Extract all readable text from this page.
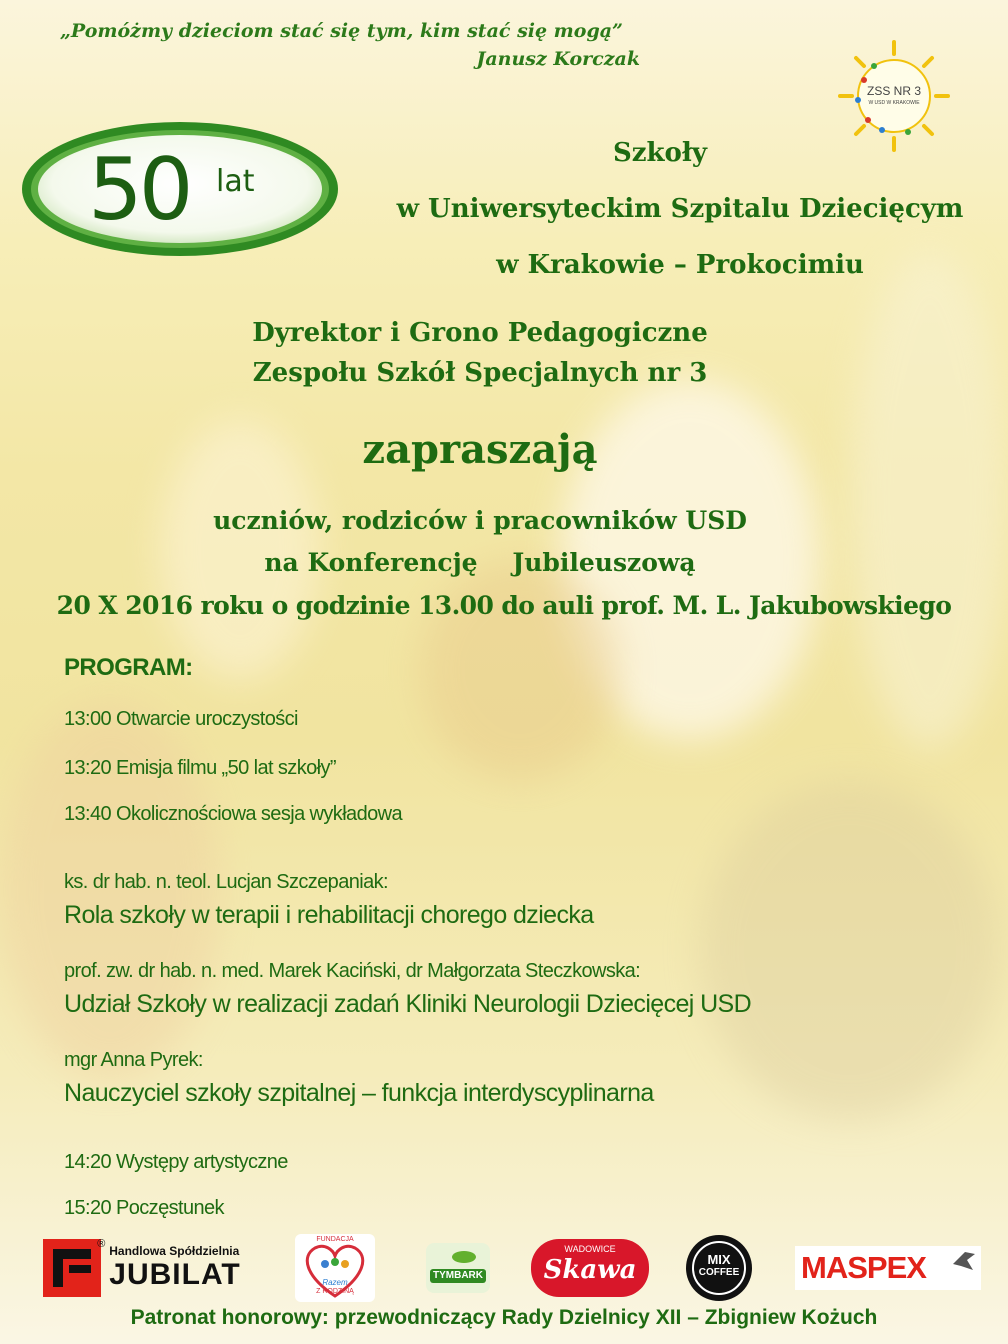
„Pomóżmy dzieciom stać się tym, kim stać się mogą”
Janusz Korczak
ZSS NR 3
W USD W KRAKOWIE
50 lat
Szkoły
w Uniwersyteckim Szpitalu Dziecięcym
w Krakowie – Prokocimiu
Dyrektor i Grono Pedagogiczne
Zespołu Szkół Specjalnych nr 3
zapraszają
uczniów, rodziców i pracowników USD
na Konferencję    Jubileuszową
20 X 2016 roku o godzinie 13.00 do auli prof. M. L. Jakubowskiego
PROGRAM:
13:00 Otwarcie uroczystości
13:20 Emisja filmu „50 lat szkoły”
13:40 Okolicznościowa sesja wykładowa
ks. dr hab. n. teol. Lucjan Szczepaniak:
Rola szkoły w terapii i rehabilitacji chorego dziecka
prof. zw. dr hab. n. med. Marek Kaciński, dr Małgorzata Steczkowska:
Udział Szkoły w realizacji zadań Kliniki Neurologii Dziecięcej USD
mgr Anna Pyrek:
Nauczyciel szkoły szpitalnej – funkcja interdyscyplinarna
14:20 Występy artystyczne
15:20 Poczęstunek
® Handlowa Spółdzielnia
JUBILAT
FUNDACJA
Razem
Z RODZINĄ
TYMBARK
WADOWICE
Skawa	MIX
COFFEE	MASPEX
Patronat honorowy: przewodniczący Rady Dzielnicy XII – Zbigniew Kożuch
